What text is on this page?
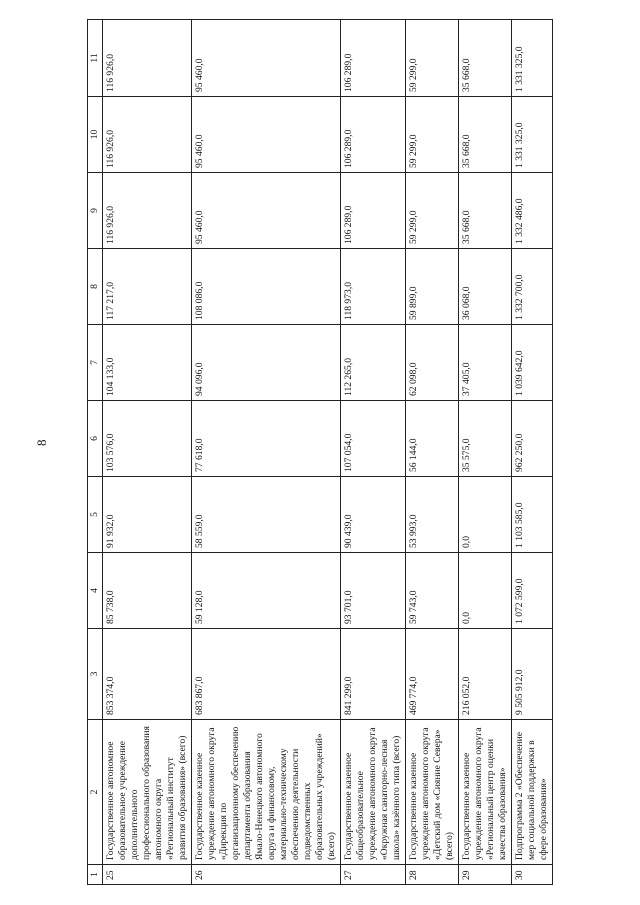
8
1	2	3	4	5	6	7	8	9	10	11
25	Государственное автономное образовательное учреждение дополнительного профессионального образования автономного округа «Региональный институт развития образования» (всего)	853 374,0	85 738,0	91 932,0	103 576,0	104 133,0	117 217,0	116 926,0	116 926,0	116 926,0
26	Государственное казенное учреждение автономного округа «Дирекция по организационному обеспечению департамента образования Ямало-Ненецкого автономного округа и финансовому, материально-техническому обеспечению деятельности подведомственных образовательных учреждений» (всего)	683 867,0	59 128,0	58 559,0	77 618,0	94 096,0	108 086,0	95 460,0	95 460,0	95 460,0
27	Государственное казенное общеобразовательное учреждение автономного округа «Окружная санаторно-лесная школа» казённого типа (всего)	841 299,0	93 701,0	90 439,0	107 054,0	112 265,0	118 973,0	106 289,0	106 289,0	106 289,0
28	Государственное казенное учреждение автономного округа «Детский дом «Сияние Севера» (всего)	469 774,0	59 743,0	53 993,0	56 144,0	62 098,0	59 899,0	59 299,0	59 299,0	59 299,0
29	Государственное казенное учреждение автономного округа «Региональный центр оценки качества образования»	216 052,0	0,0	0,0	35 575,0	37 405,0	36 068,0	35 668,0	35 668,0	35 668,0
30	Подпрограмма 2 «Обеспечение мер социальной поддержки в сфере образования»	9 505 912,0	1 072 599,0	1 103 585,0	962 250,0	1 039 642,0	1 332 700,0	1 332 486,0	1 331 325,0	1 331 325,0
